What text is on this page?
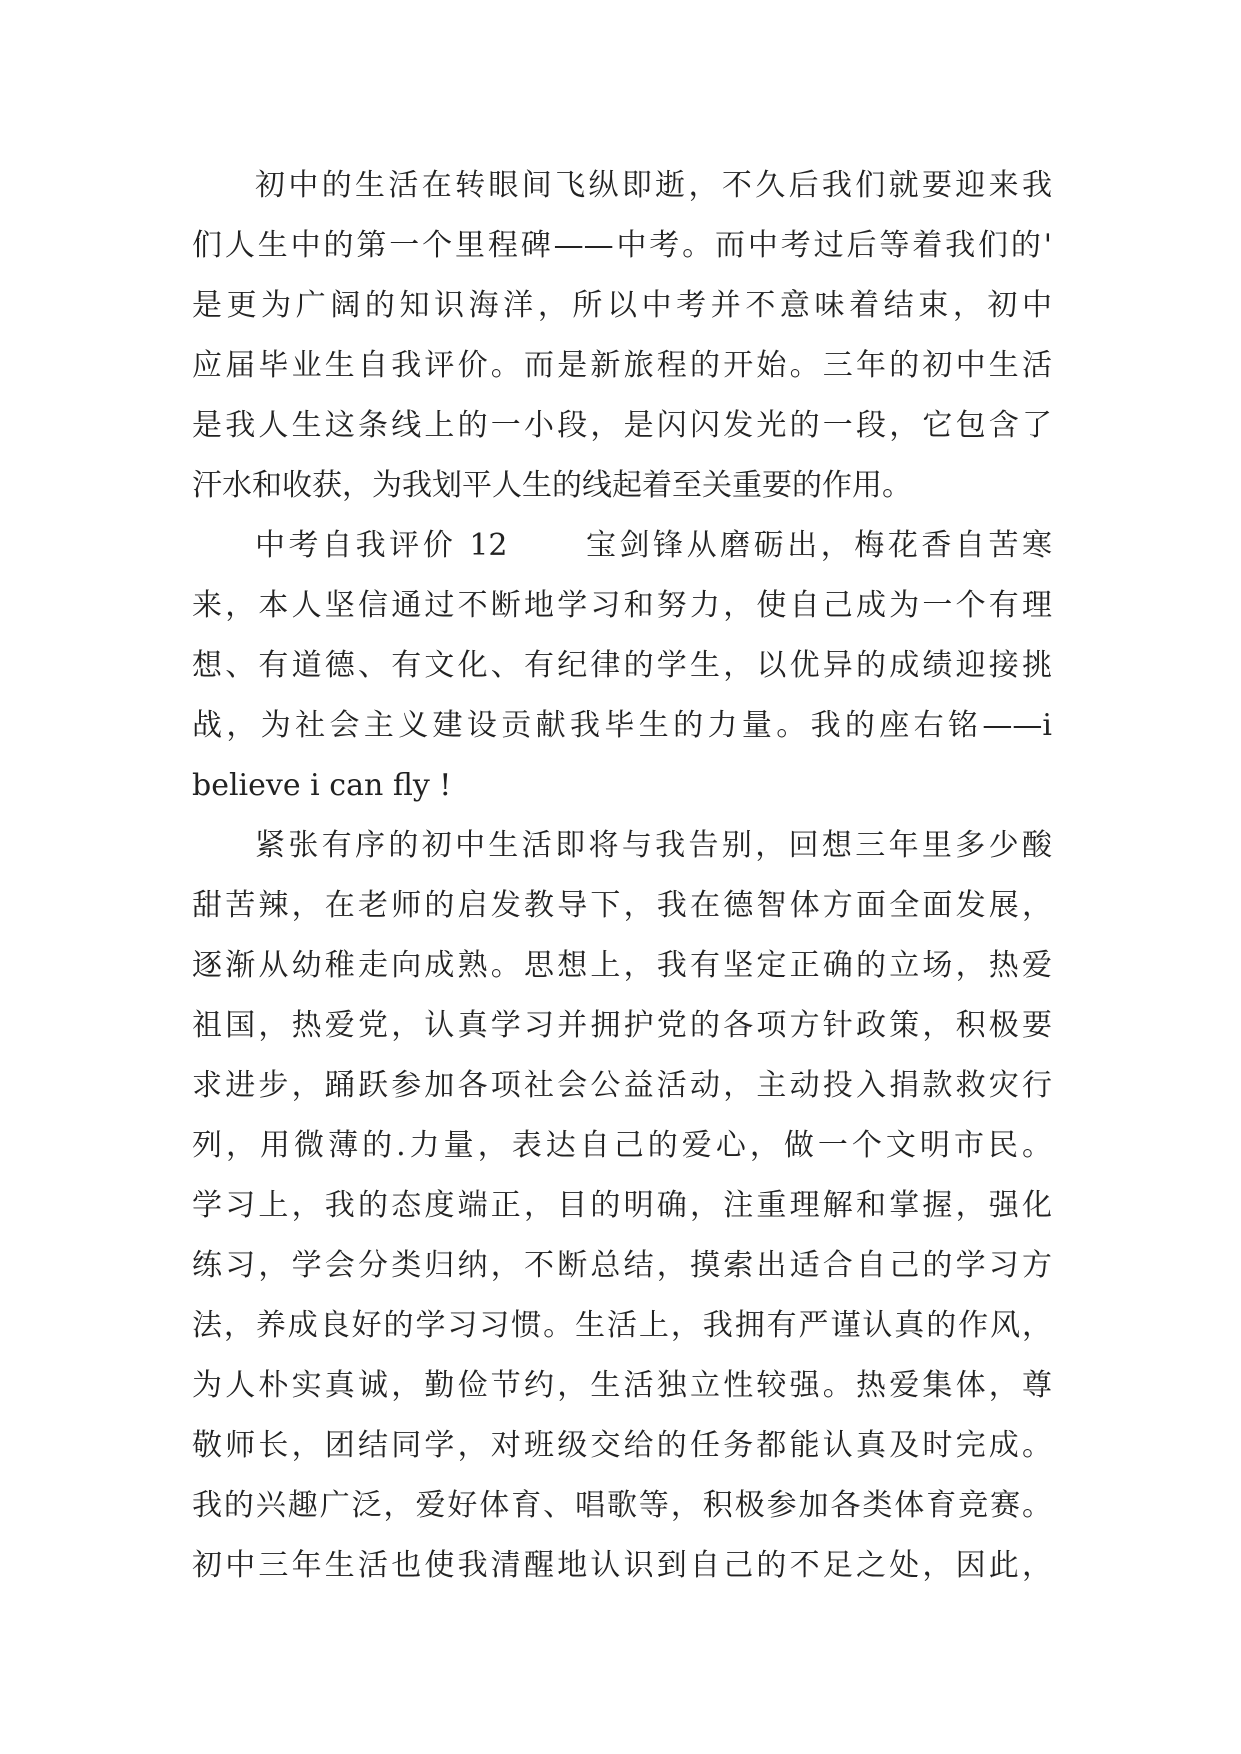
初中的生活在转眼间飞纵即逝，不久后我们就要迎来我
们人生中的第一个里程碑——中考。而中考过后等着我们的'
是更为广阔的知识海洋，所以中考并不意味着结束，初中
应届毕业生自我评价。而是新旅程的开始。三年的初中生活
是我人生这条线上的一小段，是闪闪发光的一段，它包含了
汗水和收获，为我划平人生的线起着至关重要的作用。
中考自我评价 12      宝剑锋从磨砺出，梅花香自苦寒
来，本人坚信通过不断地学习和努力，使自己成为一个有理
想、有道德、有文化、有纪律的学生，以优异的成绩迎接挑
战，为社会主义建设贡献我毕生的力量。我的座右铭——i
believe i can fly !
紧张有序的初中生活即将与我告别，回想三年里多少酸
甜苦辣，在老师的启发教导下，我在德智体方面全面发展，
逐渐从幼稚走向成熟。思想上，我有坚定正确的立场，热爱
祖国，热爱党，认真学习并拥护党的各项方针政策，积极要
求进步，踊跃参加各项社会公益活动，主动投入捐款救灾行
列，用微薄的.力量，表达自己的爱心，做一个文明市民。
学习上，我的态度端正，目的明确，注重理解和掌握，强化
练习，学会分类归纳，不断总结，摸索出适合自己的学习方
法，养成良好的学习习惯。生活上，我拥有严谨认真的作风，
为人朴实真诚，勤俭节约，生活独立性较强。热爱集体，尊
敬师长，团结同学，对班级交给的任务都能认真及时完成。
我的兴趣广泛，爱好体育、唱歌等，积极参加各类体育竞赛。
初中三年生活也使我清醒地认识到自己的不足之处，因此，
